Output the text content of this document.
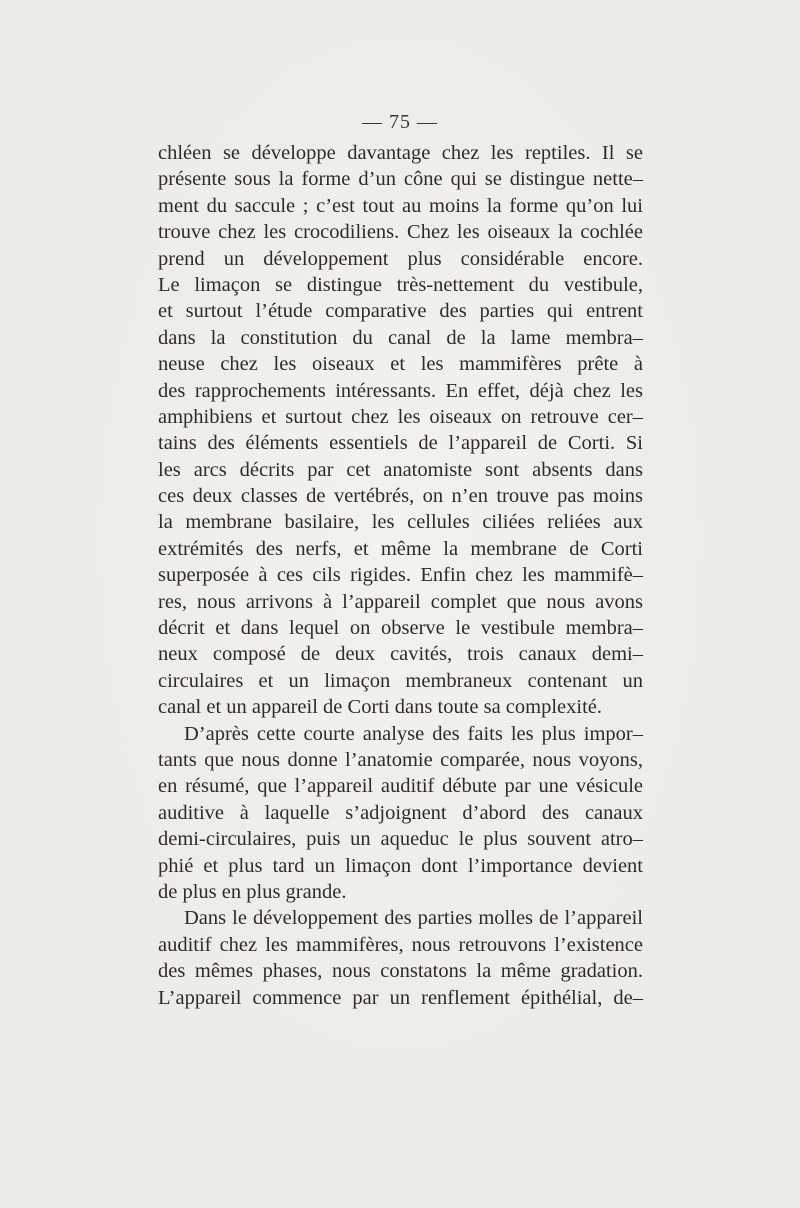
— 75 —
chléen se développe davantage chez les reptiles. Il se
présente sous la forme d’un cône qui se distingue nette–
ment du saccule ; c’est tout au moins la forme qu’on lui
trouve chez les crocodiliens. Chez les oiseaux la cochlée
prend un développement plus considérable encore.
Le limaçon se distingue très-nettement du vestibule,
et surtout l’étude comparative des parties qui entrent
dans la constitution du canal de la lame membra–
neuse chez les oiseaux et les mammifères prête à
des rapprochements intéressants. En effet, déjà chez les
amphibiens et surtout chez les oiseaux on retrouve cer–
tains des éléments essentiels de l’appareil de Corti. Si
les arcs décrits par cet anatomiste sont absents dans
ces deux classes de vertébrés, on n’en trouve pas moins
la membrane basilaire, les cellules ciliées reliées aux
extrémités des nerfs, et même la membrane de Corti
superposée à ces cils rigides. Enfin chez les mammifè–
res, nous arrivons à l’appareil complet que nous avons
décrit et dans lequel on observe le vestibule membra–
neux composé de deux cavités, trois canaux demi–
circulaires et un limaçon membraneux contenant un
canal et un appareil de Corti dans toute sa complexité.
D’après cette courte analyse des faits les plus impor–
tants que nous donne l’anatomie comparée, nous voyons,
en résumé, que l’appareil auditif débute par une vésicule
auditive à laquelle s’adjoignent d’abord des canaux
demi-circulaires, puis un aqueduc le plus souvent atro–
phié et plus tard un limaçon dont l’importance devient
de plus en plus grande.
Dans le développement des parties molles de l’appareil
auditif chez les mammifères, nous retrouvons l’existence
des mêmes phases, nous constatons la même gradation.
L’appareil commence par un renflement épithélial, de–
